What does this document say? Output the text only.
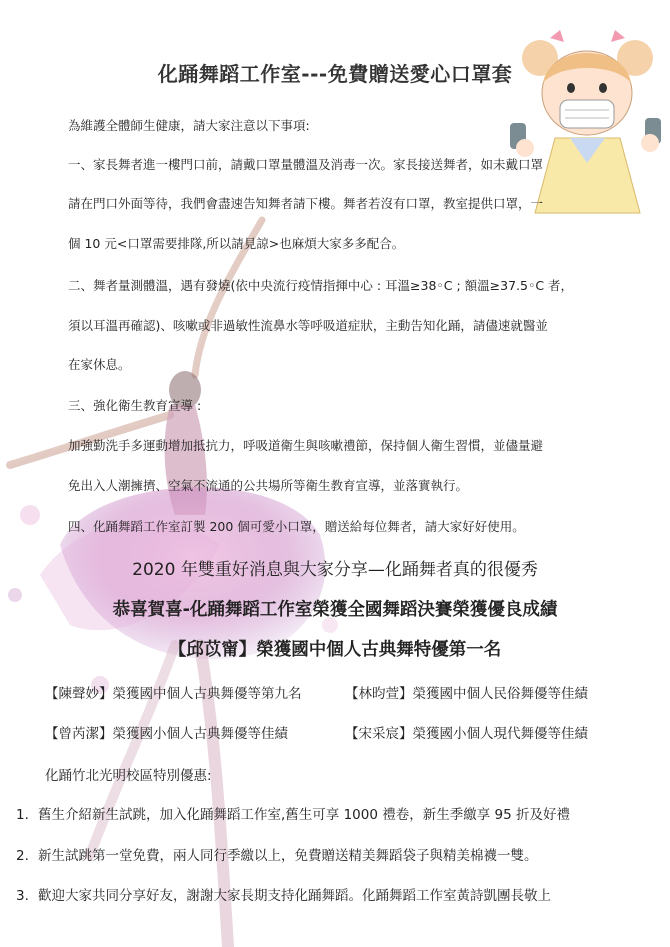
化踊舞蹈工作室---免費贈送愛心口罩套
為維護全體師生健康，請大家注意以下事項:
一、家長舞者進一樓門口前，請戴口罩量體溫及消毒一次。家長接送舞者，如未戴口罩
請在門口外面等待，我們會盡速告知舞者請下樓。舞者若沒有口罩，教室提供口罩，一
個 10 元<口罩需要排隊,所以請見諒>也麻煩大家多多配合。
二、舞者量測體溫，遇有發燒(依中央流行疫情指揮中心 : 耳溫≥38◦C ; 額溫≥37.5◦C 者，
須以耳溫再確認)、咳嗽或非過敏性流鼻水等呼吸道症狀，主動告知化踊，請儘速就醫並
在家休息。
三、強化衛生教育宣導 :
加強勤洗手多運動增加抵抗力，呼吸道衛生與咳嗽禮節，保持個人衛生習慣，並儘量避
免出入人潮擁擠、空氣不流通的公共場所等衛生教育宣導，並落實執行。
四、化踊舞蹈工作室訂製 200 個可愛小口罩，贈送給每位舞者，請大家好好使用。
2020 年雙重好消息與大家分享—化踊舞者真的很優秀
恭喜賀喜-化踊舞蹈工作室榮獲全國舞蹈決賽榮獲優良成績
【邱苡甯】榮獲國中個人古典舞特優第一名
【陳聲妙】榮獲國中個人古典舞優等第九名	【林昀萱】榮獲國中個人民俗舞優等佳績
【曾芮潔】榮獲國小個人古典舞優等佳績	【宋采宸】榮獲國小個人現代舞優等佳績
化踊竹北光明校區特別優惠:
1. 舊生介紹新生試跳，加入化踊舞蹈工作室,舊生可享 1000 禮卷，新生季繳享 95 折及好禮
2. 新生試跳第一堂免費，兩人同行季繳以上，免費贈送精美舞蹈袋子與精美棉襪一雙。
3. 歡迎大家共同分享好友，謝謝大家長期支持化踊舞蹈。化踊舞蹈工作室黃詩凱團長敬上
